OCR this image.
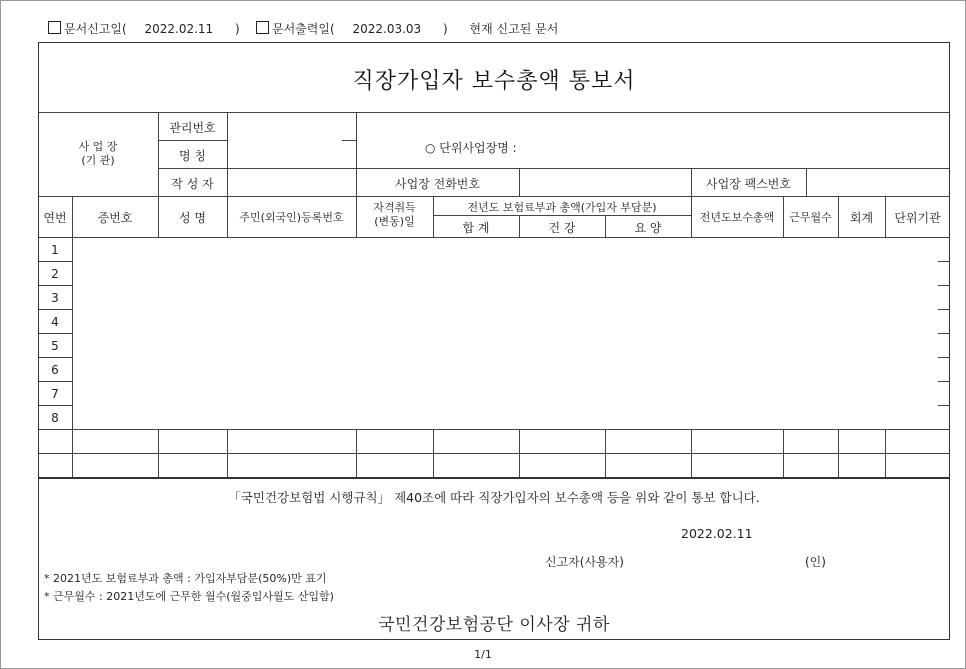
문서신고일( 2022.02.11 )	문서출력일( 2022.03.03 ) 현재 신고된 문서
직장가입자 보수총액 통보서
사 업 장
(기 관)
관리번호
명 칭
작 성 자
○ 단위사업장명 :
사업장 전화번호	사업장 팩스번호
연번	증번호	성 명	주민(외국인)등록번호
자격취득
(변동)일
전년도 보험료부과 총액(가입자 부담분)
합 계	건 강	요 양
전년도보수총액	근무월수	회계	단위기관
1
2
3
4
5
6
7
8
「국민건강보험법 시행규칙」 제40조에 따라 직장가입자의 보수총액 등을 위와 같이 통보 합니다.
2022.02.11
신고자(사용자)	(인)
* 2021년도 보험료부과 총액 : 가입자부담분(50%)만 표기
* 근무월수 : 2021년도에 근무한 월수(월중입사월도 산입함)
국민건강보험공단 이사장 귀하
1/1
